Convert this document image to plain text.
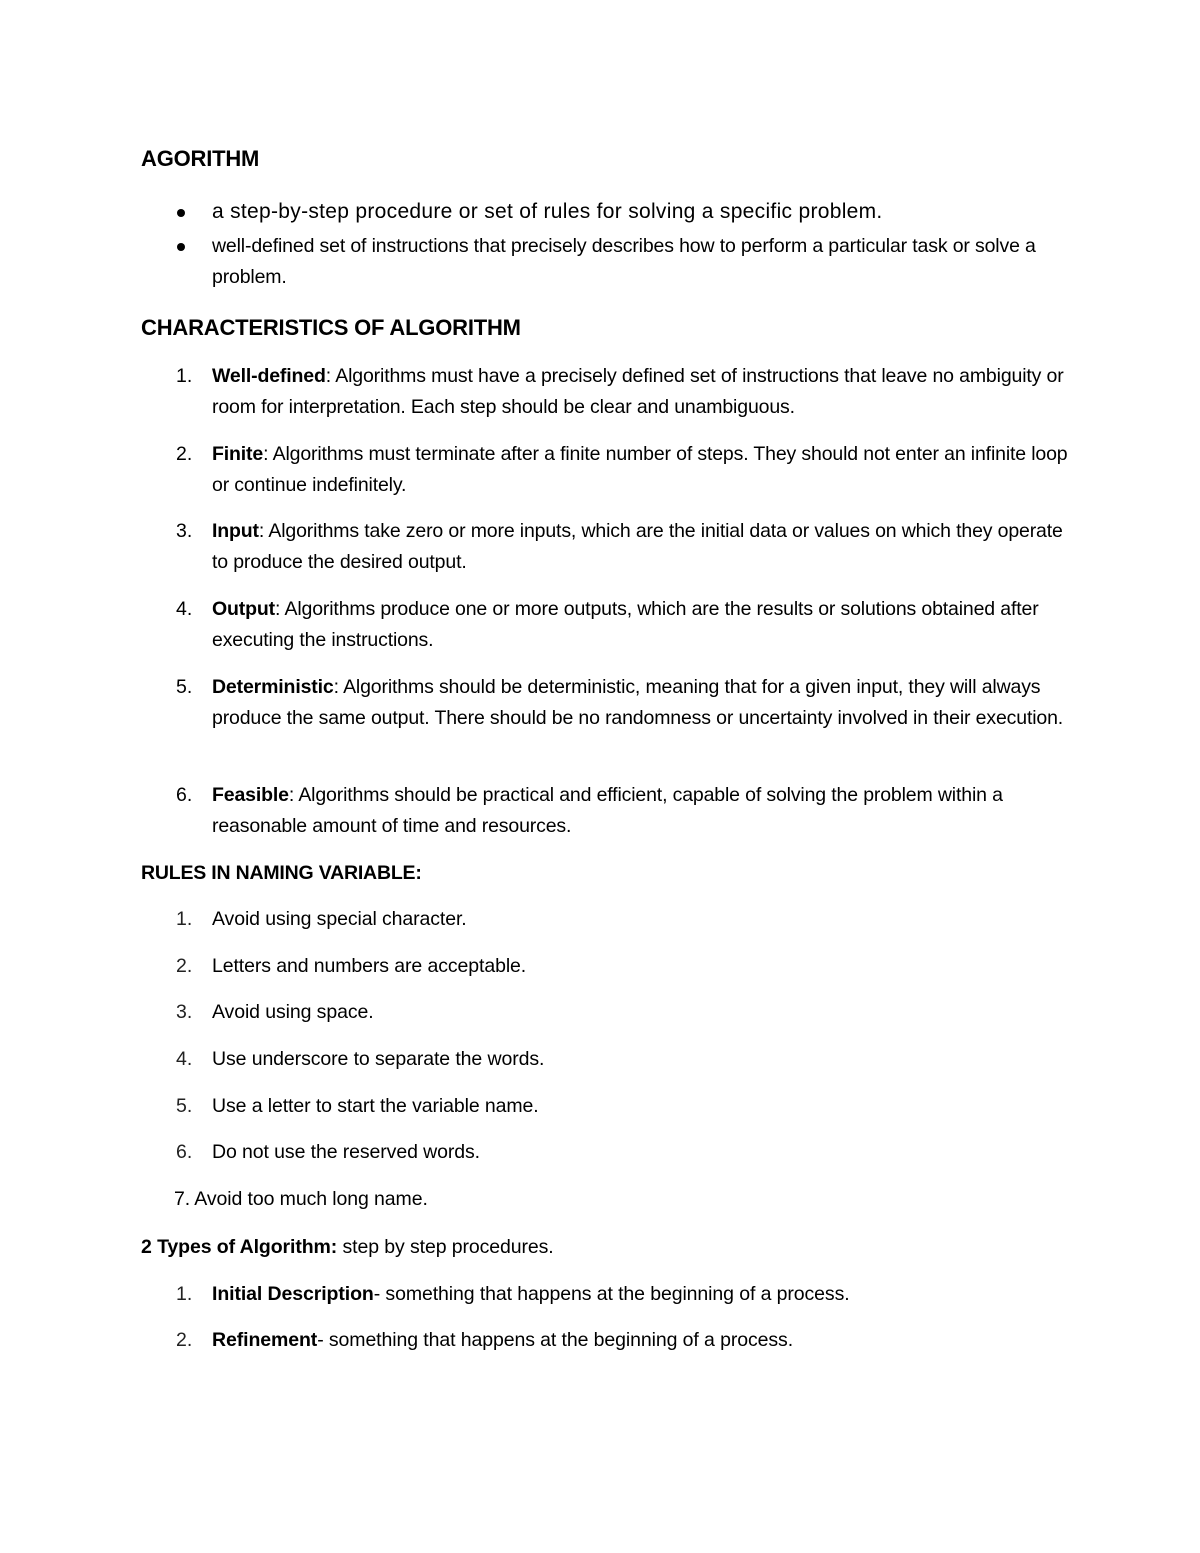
AGORITHM
a step-by-step procedure or set of rules for solving a specific problem.
well-defined set of instructions that precisely describes how to perform a particular task or solve a problem.
CHARACTERISTICS OF ALGORITHM
1. Well-defined: Algorithms must have a precisely defined set of instructions that leave no ambiguity or room for interpretation. Each step should be clear and unambiguous.
2. Finite: Algorithms must terminate after a finite number of steps. They should not enter an infinite loop or continue indefinitely.
3. Input: Algorithms take zero or more inputs, which are the initial data or values on which they operate to produce the desired output.
4. Output: Algorithms produce one or more outputs, which are the results or solutions obtained after executing the instructions.
5. Deterministic: Algorithms should be deterministic, meaning that for a given input, they will always produce the same output. There should be no randomness or uncertainty involved in their execution.
6. Feasible: Algorithms should be practical and efficient, capable of solving the problem within a reasonable amount of time and resources.
RULES IN NAMING VARIABLE:
1. Avoid using special character.
2. Letters and numbers are acceptable.
3. Avoid using space.
4. Use underscore to separate the words.
5. Use a letter to start the variable name.
6. Do not use the reserved words.
7. Avoid too much long name.
2 Types of Algorithm: step by step procedures.
1. Initial Description- something that happens at the beginning of a process.
2. Refinement- something that happens at the beginning of a process.
